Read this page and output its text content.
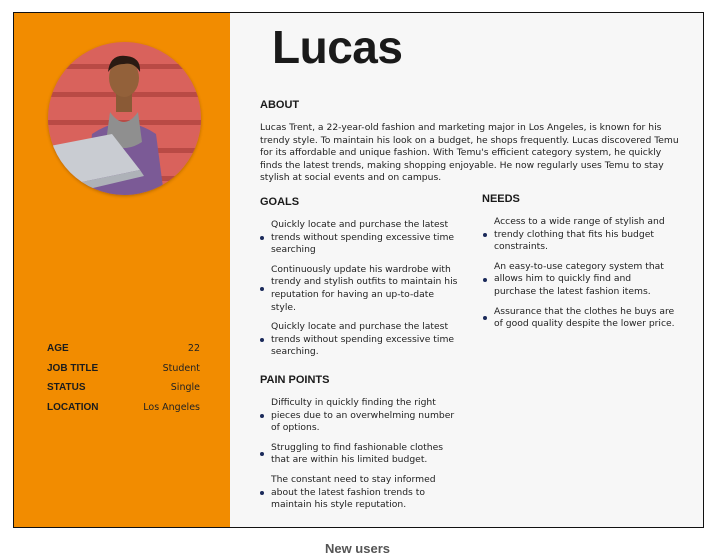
AGE	22
JOB TITLE	Student
STATUS	Single
LOCATION	Los Angeles
Lucas
ABOUT

Lucas Trent, a 22-year-old fashion and marketing major in Los Angeles, is known for his trendy style. To maintain his look on a budget, he shops frequently. Lucas discovered Temu for its affordable and unique fashion. With Temu's efficient category system, he quickly finds the latest trends, making shopping enjoyable. He now regularly uses Temu to stay stylish at social events and on campus.

GOALS
Quickly locate and purchase the latest trends without spending excessive time searching
Continuously update his wardrobe with trendy and stylish outfits to maintain his reputation for having an up-to-date style.
Quickly locate and purchase the latest trends without spending excessive time searching.
NEEDS
Access to a wide range of stylish and trendy clothing that fits his budget constraints.
An easy-to-use category system that allows him to quickly find and purchase the latest fashion items.
Assurance that the clothes he buys are of good quality despite the lower price.
PAIN POINTS
Difficulty in quickly finding the right pieces due to an overwhelming number of options.
Struggling to find fashionable clothes that are within his limited budget.
The constant need to stay informed about the latest fashion trends to maintain his style reputation.
New users
